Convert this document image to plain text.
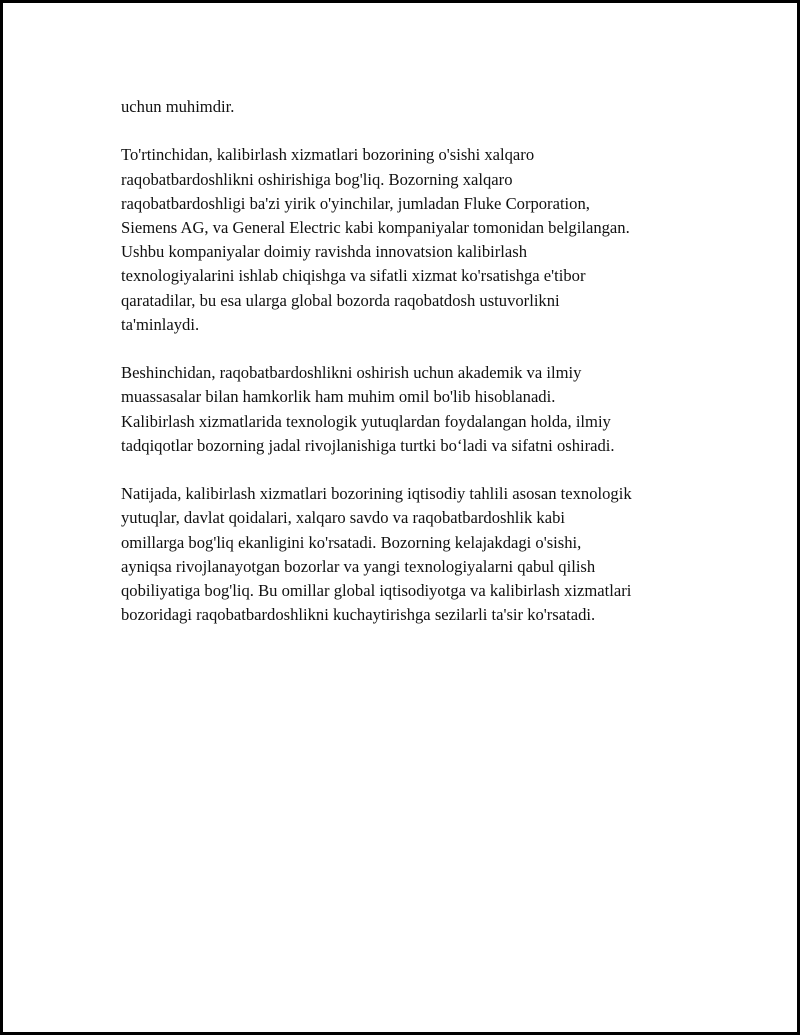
uchun muhimdir.

To'rtinchidan, kalibirlash xizmatlari bozorining o'sishi xalqaro
raqobatbardoshlikni oshirishiga bog'liq. Bozorning xalqaro
raqobatbardoshligi ba'zi yirik o'yinchilar, jumladan Fluke Corporation,
Siemens AG, va General Electric kabi kompaniyalar tomonidan belgilangan.
Ushbu kompaniyalar doimiy ravishda innovatsion kalibirlash
texnologiyalarini ishlab chiqishga va sifatli xizmat ko'rsatishga e'tibor
qaratadilar, bu esa ularga global bozorda raqobatdosh ustuvorlikni
ta'minlaydi.

Beshinchidan, raqobatbardoshlikni oshirish uchun akademik va ilmiy
muassasalar bilan hamkorlik ham muhim omil bo'lib hisoblanadi.
Kalibirlash xizmatlarida texnologik yutuqlardan foydalangan holda, ilmiy
tadqiqotlar bozorning jadal rivojlanishiga turtki bo‘ladi va sifatni oshiradi.

Natijada, kalibirlash xizmatlari bozorining iqtisodiy tahlili asosan texnologik
yutuqlar, davlat qoidalari, xalqaro savdo va raqobatbardoshlik kabi
omillarga bog'liq ekanligini ko'rsatadi. Bozorning kelajakdagi o'sishi,
ayniqsa rivojlanayotgan bozorlar va yangi texnologiyalarni qabul qilish
qobiliyatiga bog'liq. Bu omillar global iqtisodiyotga va kalibirlash xizmatlari
bozoridagi raqobatbardoshlikni kuchaytirishga sezilarli ta'sir ko'rsatadi.
